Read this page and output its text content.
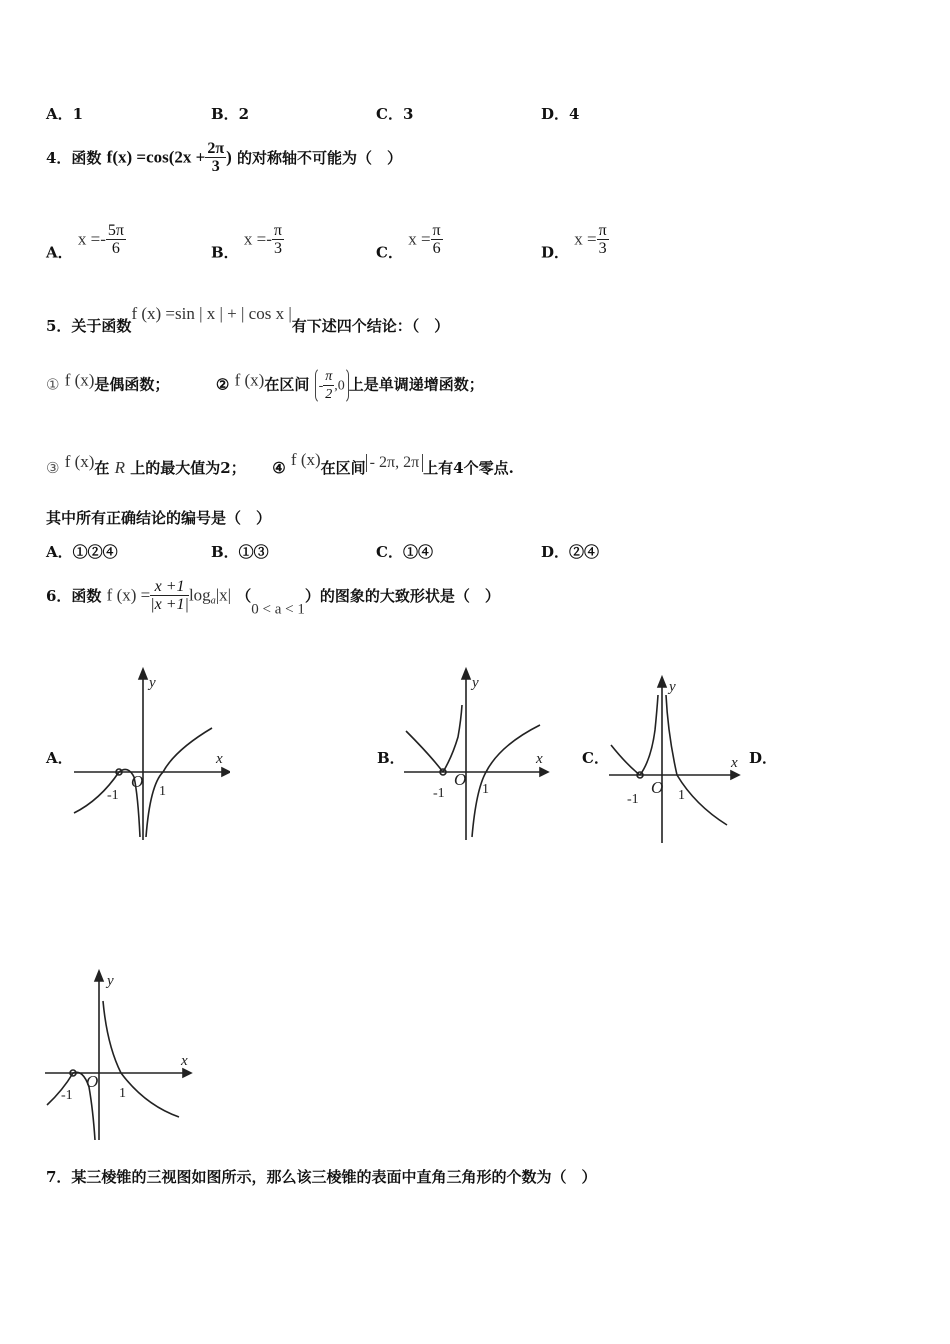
A．1	B．2	C．3	D．4
4．函数 $f(x) =\cos(2x + \frac{2\pi}{3}$ ) 的对称轴不可能为（　）
A． $x =- \frac{5\pi}{6}$	B． $x =- \frac{\pi}{3}$	C． $x = \frac{\pi}{6}$	D． $x = \frac{\pi}{3}$
5．关于函数f (x) =sin | x | + | cos x |有下述四个结论：（　）
① f (x)是偶函数；	② f (x)在区间 - $\frac{\pi}{2} ,0$ 上是单调递增函数；
③ f (x)在 R 上的最大值为2； ④ f (x)在区间 - 2π, 2π 上有4个零点.
其中所有正确结论的编号是（　）
A．①②④	B．①③	C．①④	D．②④
6．函数 f $(x) = \frac{x +1}{|x +1|} \log_a|x|$ （0 < a < 1）的图象的大致形状是（　）
A．	B．	C．	D．
y
x
O
-1	1
y
x
O
-1	1
y
x
O
-1	1
y
x
O
-1	1
7．某三棱锥的三视图如图所示，那么该三棱锥的表面中直角三角形的个数为（　）
